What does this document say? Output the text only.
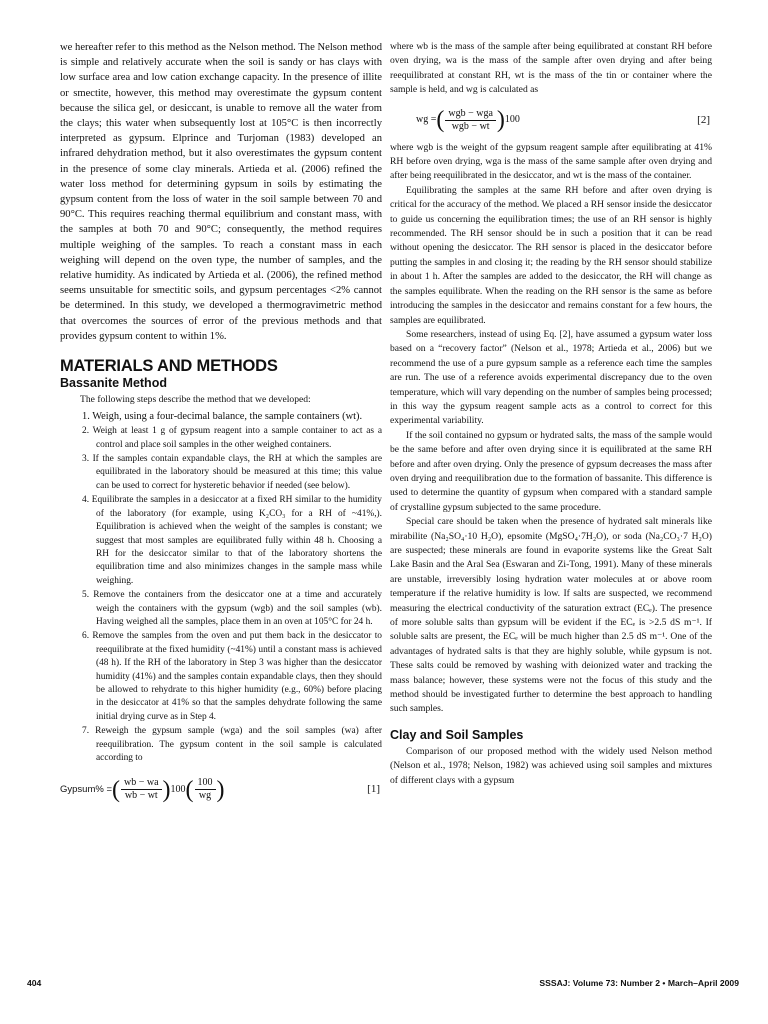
we hereafter refer to this method as the Nelson method. The Nelson method is simple and relatively accurate when the soil is sandy or has clays with low surface area and low cation exchange capacity. In the presence of illite or smectite, however, this method may overestimate the gypsum content because the silica gel, or desiccant, is unable to remove all the water from the clays; this water when subsequently lost at 105°C is then incorrectly interpreted as gypsum. Elprince and Turjoman (1983) developed an infrared dehydration method, but it also overestimates the gypsum content in the presence of some clay minerals. Artieda et al. (2006) refined the water loss method for determining gypsum in soils by estimating the gypsum content from the loss of water in the soil sample between 70 and 90°C. This requires reaching thermal equilibrium and constant mass, with the samples at both 70 and 90°C; consequently, the method requires multiple weighing of the samples. To reach a constant mass in each weighing will depend on the oven type, the number of samples, and the relative humidity. As indicated by Artieda et al. (2006), the refined method seems unsuitable for smectitic soils, and gypsum percentages <2% cannot be determined. In this study, we developed a thermogravimetric method that overcomes the sources of error of the previous methods and that provides gypsum content to within 1%.

MATERIALS AND METHODS
Bassanite Method

The following steps describe the method that we developed:

1. Weigh, using a four-decimal balance, the sample containers (wt).
2. Weigh at least 1 g of gypsum reagent into a sample container to act as a control and place soil samples in the other weighed containers.
3. If the samples contain expandable clays, the RH at which the samples are equilibrated in the laboratory should be measured at this time; this value can be used to correct for hysteretic behavior if needed (see below).
4. Equilibrate the samples in a desiccator at a fixed RH similar to the humidity of the laboratory (for example, using K₂CO₃ for a RH of ~41%,). Equilibration is achieved when the weight of the samples is constant; we suggest that most samples are equilibrated fully within 48 h. Choosing a RH for the desiccator similar to that of the laboratory shortens the equilibration time and also minimizes changes in the sample mass while weighing.
5. Remove the containers from the desiccator one at a time and accurately weigh the containers with the gypsum (wgb) and the soil samples (wb). Having weighed all the samples, place them in an oven at 105°C for 24 h.
6. Remove the samples from the oven and put them back in the desiccator to reequilibrate at the fixed humidity (~41%) until a constant mass is achieved (48 h). If the RH of the laboratory in Step 3 was higher than the desiccator humidity (41%) and the samples contain expandable clays, then they should be allowed to rehydrate to this higher humidity (e.g., 60%) before placing in the desiccator at 41% so that the samples dehydrate following the same initial drying curve as in Step 4.
7. Reweigh the gypsum sample (wga) and the soil samples (wa) after reequilibration. The gypsum content in the soil sample is calculated according to
Gypsum% = ( $\frac{wb - wa}{wb - wt}$ ) 100 ( $\frac{100}{wg}$ )	[1]

where wb is the mass of the sample after being equilibrated at constant RH before oven drying, wa is the mass of the sample after oven drying and after being reequilibrated at constant RH, wt is the mass of the tin or container where the sample is held, and wg is calculated as

wg = ( $\frac{\text{wgb − wga}}{\text{wgb − wt}}$ ) 100	[2]

where wgb is the weight of the gypsum reagent sample after equilibrating at 41% RH before oven drying, wga is the mass of the same sample after oven drying and after being reequilibrated in the desiccator, and wt is the mass of the container.

Equilibrating the samples at the same RH before and after oven drying is critical for the accuracy of the method. We placed a RH sensor inside the desiccator to guide us concerning the equilibration times; the use of an RH sensor is highly recommended. The RH sensor should be in such a position that it can be read without opening the desiccator. The RH sensor is placed in the desiccator before putting the samples in and closing it; the reading by the RH sensor should stabilize in about 1 h. After the samples are added to the desiccator, the RH will change as the samples equilibrate. When the reading on the RH sensor is the same as before introducing the samples in the desiccator and remains constant for a few hours, the samples are equilibrated.

Some researchers, instead of using Eq. [2], have assumed a gypsum water loss based on a “recovery factor” (Nelson et al., 1978; Artieda et al., 2006) but we recommend the use of a pure gypsum sample as a reference each time the samples are run. The use of a reference avoids experimental discrepancy due to the oven temperature, which will vary depending on the number of samples being processed; in this way the gypsum reagent sample acts as a control to correct for this experimental variability.

If the soil contained no gypsum or hydrated salts, the mass of the sample would be the same before and after oven drying since it is equilibrated at the same RH before and after oven drying. Only the presence of gypsum decreases the mass after oven drying and reequilibration due to the formation of bassanite. This difference is used to determine the quantity of gypsum when compared with a standard sample of crystalline gypsum subjected to the same procedure.

Special care should be taken when the presence of hydrated salt minerals like mirabilite (Na₂SO₄·10 H₂O), epsomite (MgSO₄·7H₂O), or soda (Na₂CO₃·7 H₂O) are suspected; these minerals are found in evaporite systems like the Great Salt Lake Basin and the Aral Sea (Eswaran and Zi-Tong, 1991). Many of these minerals are unstable, irreversibly losing hydration water molecules at or above room temperature if the relative humidity is low. If salts are suspected, we recommend measuring the electrical conductivity of the saturation extract (ECₑ). The presence of more soluble salts than gypsum will be evident if the ECₑ is >2.5 dS m⁻¹. If soluble salts are present, the ECₑ will be much higher than 2.5 dS m⁻¹. One of the advantages of hydrated salts is that they are highly soluble, while gypsum is not. These salts could be removed by washing with deionized water and tracking the mass balance; however, these systems were not the focus of this study and the method should be investigated further to determine the best approach to handling such samples.

Clay and Soil Samples

Comparison of our proposed method with the widely used Nelson method (Nelson et al., 1978; Nelson, 1982) was achieved using soil samples and mixtures of different clays with a gypsum

404	SSSAJ: Volume 73: Number 2 • March–April 2009
